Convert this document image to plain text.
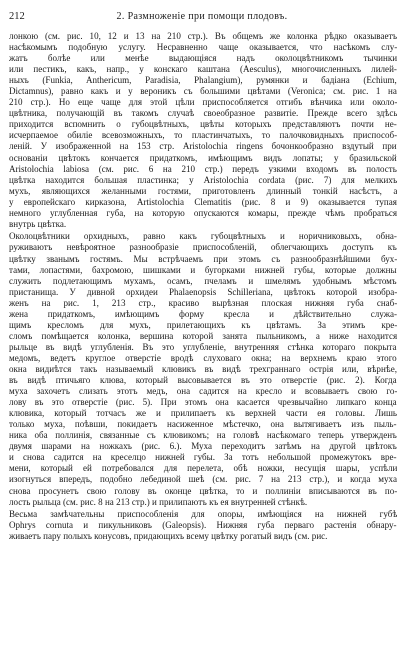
212	2. Размноженiе при помощи плодовъ.
лонкою (см. рис. 10, 12 и 13 на 210 стр.). Въ общемъ же колонка рѣдко оказываетъ
насѣкомымъ подобную услугу. Несравненно чаще оказывается, что насѣкомъ слу-
жатъ болѣе или менѣе выдающiяся надъ околоцвѣтникомъ тычинки
или пестикъ, какъ, напр., у конскаго каштана (Aesculus), многочисленныхъ лилей-
ныхъ (Funkia, Anthericum, Paradisia, Phalangium), румянки и бадiана (Echium,
Dictamnus), равно какъ и у вероникъ съ большими цвѣтами (Veronica; см. рис. 1 на
210 стр.). Но еще чаще для этой цѣли приспособляется отгибъ вѣнчика или около-
цвѣтника, получающiй въ такомъ случаѣ своеобразное развитiе. Прежде всего здѣсь
приходится вспомнить о губоцвѣтныхъ, цвѣты которыхъ представляютъ почти не-
исчерпаемое обилiе всевозможныхъ, то пластинчатыхъ, то палочковидныхъ приспособ-
ленiй. У изображенной на 153 стр. Aristolochia ringens бочонкообразно вздутый при
основанiи цвѣтокъ кончается придаткомъ, имѣющимъ видъ лопаты; у бразильской
Aristolochia labiosa (см. рис. 6 на 210 стр.) передъ узкими входомъ въ полость
цвѣтка находится большая пластинка; у Aristolochia cordata (рис. 7) для мелкихъ
мухъ, являющихся желанными гостями, приготовленъ длинный тонкiй насѣстъ, а
у европейскаго кирказона, Artistolochia Clematitis (рис. 8 и 9) оказывается тупая
немного углубленная губа, на которую опускаются комары, прежде чѣмъ пробраться
внутрь цвѣтка.
Околоцвѣтники орхидныхъ, равно какъ губоцвѣтныхъ и норичниковыхъ, обна-
руживаютъ невѣроятное разнообразiе приспособленiй, облегчающихъ доступъ къ
цвѣтку званымъ гостямъ. Мы встрѣчаемъ при этомъ съ разнообразнѣйшими бух-
тами, лопастями, бахромою, шишками и бугорками нижней губы, которые должны
служить подлетающимъ мухамъ, осамъ, пчеламъ и шмелямъ удобнымъ мѣстомъ
пристанища. У дивной орхидеи Phalaenopsis Schilleriana, цвѣтокъ которой изобра-
женъ на рис. 1, 213 стр., красиво вырѣзная плоская нижняя губа снаб-
жена придаткомъ, имѣющимъ форму кресла и дѣйствительно служа-
щимъ кресломъ для мухъ, прилетающихъ къ цвѣтамъ. За этимъ кре-
сломъ помѣщается колонка, вершина которой занята пыльникомъ, а ниже находится
рыльце въ видѣ углубленiя. Въ это углубленiе, внутренняя стѣнка котораго покрыта
медомъ, ведетъ круглое отверстiе вродѣ слуховаго окна; на верхнемъ краю этого
окна видиѣтся такъ называемый клювикъ въ видѣ трехграннаго острiя или, вѣрнѣе,
въ видѣ птичьяго клюва, который высовывается въ это отверстiе (рис. 2). Когда
муха захочетъ слизать этотъ медъ, она садится на кресло и всовываетъ свою го-
лову въ это отверстiе (рис. 5). При этомъ она касается чрезвычайно липкаго конца
клювика, который тотчасъ же и прилипаетъ къ верхней части ея головы. Лишь
только муха, поѣвши, покидаетъ насиженное мѣстечко, она вытягиваетъ изъ пыль-
ника оба поллинiя, связанные съ клювикомъ; на головѣ насѣкомаго теперь утвержденъ
двумя шарами на ножкахъ (рис. 6.). Муха переходитъ затѣмъ на другой цвѣтокъ
и снова садится на креселцо нижней губы. За тотъ небольшой промежутокъ вре-
мени, который ей потребовался для перелета, обѣ ножки, несущiя шары, успѣли
изогнуться впередъ, подобно лебединой шеѣ (см. рис. 7 на 213 стр.), и когда муха
снова просунетъ свою голову въ оконце цвѣтка, то и поллинiи вписываются въ по-
лость рыльца (см. рис. 8 на 213 стр.) и прилипаютъ къ ея внутренней стѣнкѣ.
Весьма замѣчательны приспособленiя для опоры, имѣющiяся на нижней губѣ
Ophrys cornuta и пикульниковъ (Galeopsis). Нижняя губа перваго растенiя обнару-
живаетъ пару полыхъ конусовъ, придающихъ всему цвѣтку рогатый видъ (см. рис.
